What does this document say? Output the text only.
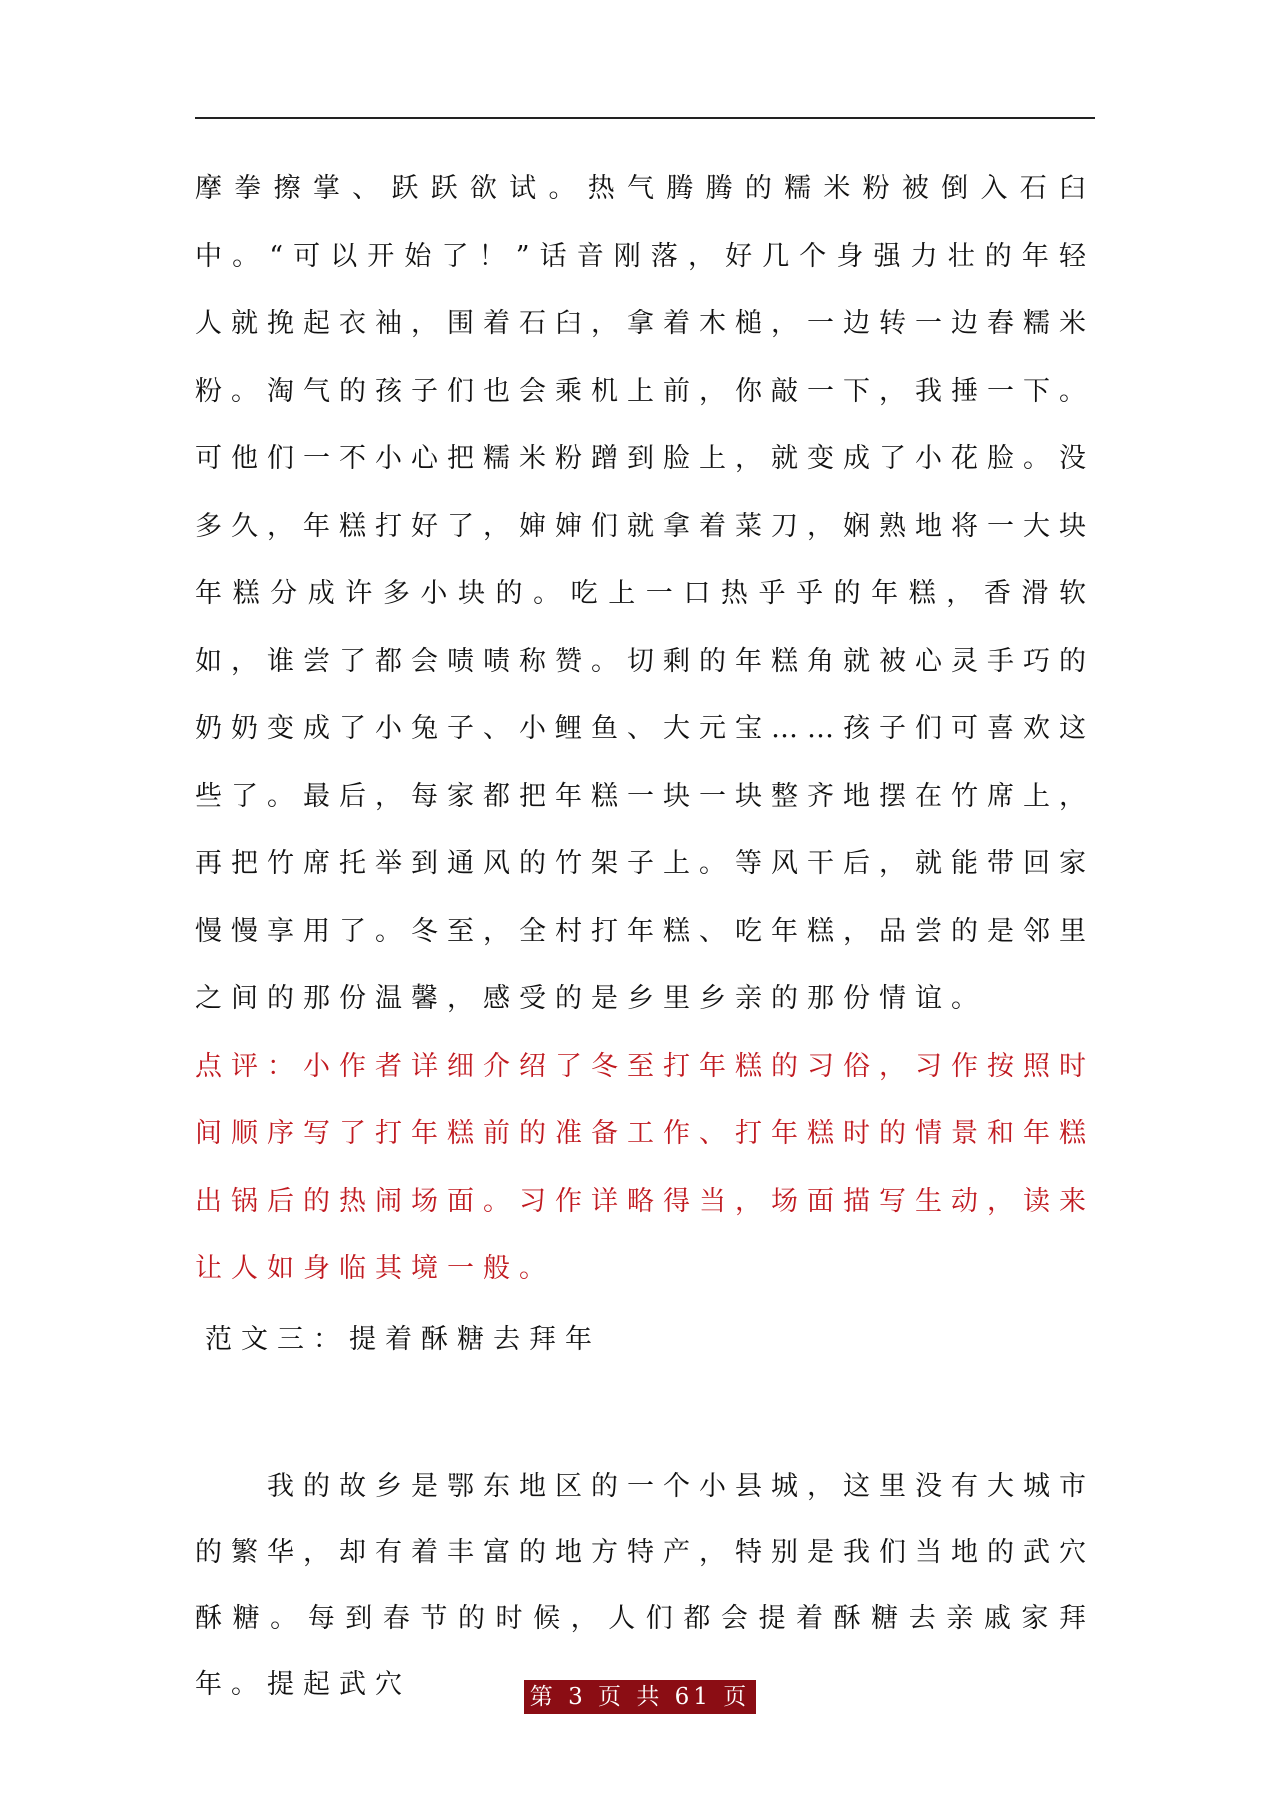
摩拳擦掌、跃跃欲试。热气腾腾的糯米粉被倒入石臼中。“可以开始了！”话音刚落，好几个身强力壮的年轻人就挽起衣袖，围着石臼，拿着木槌，一边转一边舂糯米粉。淘气的孩子们也会乘机上前，你敲一下，我捶一下。可他们一不小心把糯米粉蹭到脸上，就变成了小花脸。没多久，年糕打好了，婶婶们就拿着菜刀，娴熟地将一大块年糕分成许多小块的。吃上一口热乎乎的年糕，香滑软如，谁尝了都会啧啧称赞。切剩的年糕角就被心灵手巧的奶奶变成了小兔子、小鲤鱼、大元宝……孩子们可喜欢这些了。最后，每家都把年糕一块一块整齐地摆在竹席上，再把竹席托举到通风的竹架子上。等风干后，就能带回家慢慢享用了。冬至，全村打年糕、吃年糕，品尝的是邻里之间的那份温馨，感受的是乡里乡亲的那份情谊。

点评：小作者详细介绍了冬至打年糕的习俗，习作按照时间顺序写了打年糕前的准备工作、打年糕时的情景和年糕出锅后的热闹场面。习作详略得当，场面描写生动，读来让人如身临其境一般。

范文三：提着酥糖去拜年

我的故乡是鄂东地区的一个小县城，这里没有大城市的繁华，却有着丰富的地方特产，特别是我们当地的武穴酥糖。每到春节的时候，人们都会提着酥糖去亲戚家拜年。提起武穴	第 3 页 共 61 页
